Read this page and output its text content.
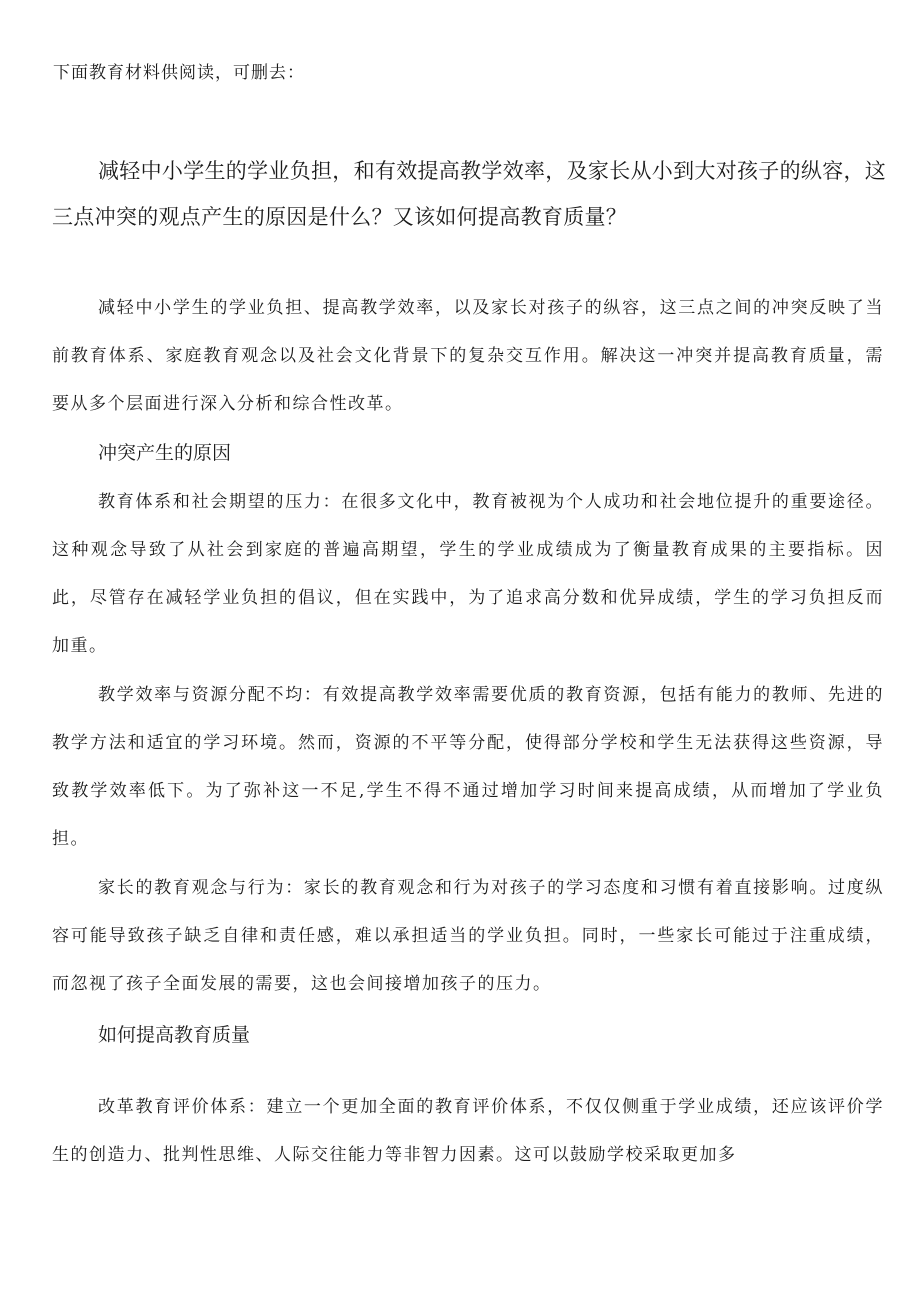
下面教育材料供阅读，可删去：
减轻中小学生的学业负担，和有效提高教学效率，及家长从小到大对孩子的纵容，这三点冲突的观点产生的原因是什么？又该如何提高教育质量？

减轻中小学生的学业负担、提高教学效率，以及家长对孩子的纵容，这三点之间的冲突反映了当前教育体系、家庭教育观念以及社会文化背景下的复杂交互作用。解决这一冲突并提高教育质量，需要从多个层面进行深入分析和综合性改革。

冲突产生的原因

教育体系和社会期望的压力：在很多文化中，教育被视为个人成功和社会地位提升的重要途径。这种观念导致了从社会到家庭的普遍高期望，学生的学业成绩成为了衡量教育成果的主要指标。因此，尽管存在减轻学业负担的倡议，但在实践中，为了追求高分数和优异成绩，学生的学习负担反而加重。

教学效率与资源分配不均：有效提高教学效率需要优质的教育资源，包括有能力的教师、先进的教学方法和适宜的学习环境。然而，资源的不平等分配，使得部分学校和学生无法获得这些资源，导致教学效率低下。为了弥补这一不足,学生不得不通过增加学习时间来提高成绩，从而增加了学业负担。

家长的教育观念与行为：家长的教育观念和行为对孩子的学习态度和习惯有着直接影响。过度纵容可能导致孩子缺乏自律和责任感，难以承担适当的学业负担。同时，一些家长可能过于注重成绩，而忽视了孩子全面发展的需要，这也会间接增加孩子的压力。

如何提高教育质量

改革教育评价体系：建立一个更加全面的教育评价体系，不仅仅侧重于学业成绩，还应该评价学生的创造力、批判性思维、人际交往能力等非智力因素。这可以鼓励学校采取更加多
